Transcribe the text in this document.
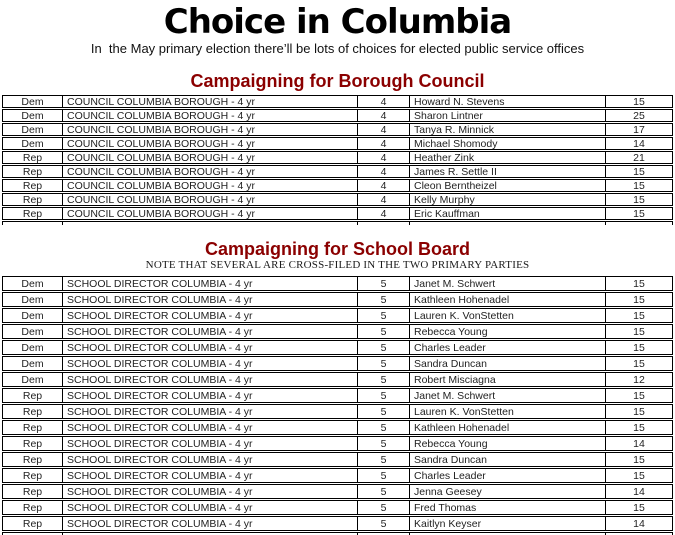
Choice in Columbia
In  the May primary election there’ll be lots of choices for elected public service offices
Campaigning for Borough Council
Dem	COUNCIL COLUMBIA BOROUGH - 4 yr	4	Howard N. Stevens	15
Dem	COUNCIL COLUMBIA BOROUGH - 4 yr	4	Sharon Lintner	25
Dem	COUNCIL COLUMBIA BOROUGH - 4 yr	4	Tanya R. Minnick	17
Dem	COUNCIL COLUMBIA BOROUGH - 4 yr	4	Michael Shomody	14
Rep	COUNCIL COLUMBIA BOROUGH - 4 yr	4	Heather Zink	21
Rep	COUNCIL COLUMBIA BOROUGH - 4 yr	4	James R. Settle II	15
Rep	COUNCIL COLUMBIA BOROUGH - 4 yr	4	Cleon Berntheizel	15
Rep	COUNCIL COLUMBIA BOROUGH - 4 yr	4	Kelly Murphy	15
Rep	COUNCIL COLUMBIA BOROUGH - 4 yr	4	Eric Kauffman	15
Campaigning for School Board
NOTE THAT SEVERAL ARE CROSS-FILED IN THE TWO PRIMARY PARTIES
Dem	SCHOOL DIRECTOR COLUMBIA - 4 yr	5	Janet M. Schwert	15
Dem	SCHOOL DIRECTOR COLUMBIA - 4 yr	5	Kathleen Hohenadel	15
Dem	SCHOOL DIRECTOR COLUMBIA - 4 yr	5	Lauren K. VonStetten	15
Dem	SCHOOL DIRECTOR COLUMBIA - 4 yr	5	Rebecca Young	15
Dem	SCHOOL DIRECTOR COLUMBIA - 4 yr	5	Charles Leader	15
Dem	SCHOOL DIRECTOR COLUMBIA - 4 yr	5	Sandra Duncan	15
Dem	SCHOOL DIRECTOR COLUMBIA - 4 yr	5	Robert Misciagna	12
Rep	SCHOOL DIRECTOR COLUMBIA - 4 yr	5	Janet M. Schwert	15
Rep	SCHOOL DIRECTOR COLUMBIA - 4 yr	5	Lauren K. VonStetten	15
Rep	SCHOOL DIRECTOR COLUMBIA - 4 yr	5	Kathleen Hohenadel	15
Rep	SCHOOL DIRECTOR COLUMBIA - 4 yr	5	Rebecca Young	14
Rep	SCHOOL DIRECTOR COLUMBIA - 4 yr	5	Sandra Duncan	15
Rep	SCHOOL DIRECTOR COLUMBIA - 4 yr	5	Charles Leader	15
Rep	SCHOOL DIRECTOR COLUMBIA - 4 yr	5	Jenna Geesey	14
Rep	SCHOOL DIRECTOR COLUMBIA - 4 yr	5	Fred Thomas	15
Rep	SCHOOL DIRECTOR COLUMBIA - 4 yr	5	Kaitlyn Keyser	14
